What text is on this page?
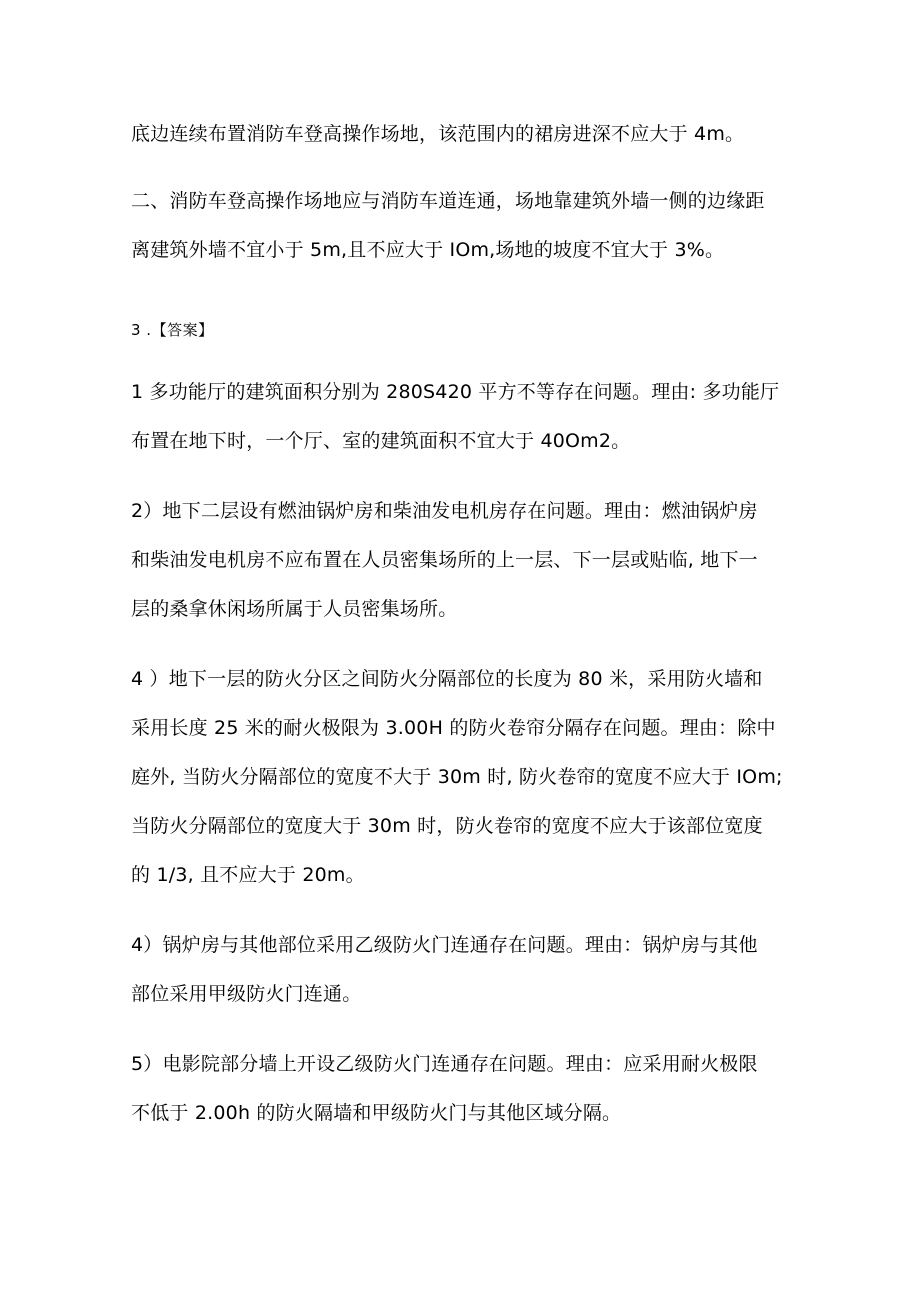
底边连续布置消防车登高操作场地，该范围内的裙房进深不应大于 4m。
二、消防车登高操作场地应与消防车道连通，场地靠建筑外墙一侧的边缘距
离建筑外墙不宜小于 5m,且不应大于 IOm,场地的坡度不宜大于 3%。
3 .【答案】
1 多功能厅的建筑面积分别为 280S420 平方不等存在问题。理由: 多功能厅
布置在地下时，一个厅、室的建筑面积不宜大于 40Om2。
2）地下二层设有燃油锅炉房和柴油发电机房存在问题。理由：燃油锅炉房
和柴油发电机房不应布置在人员密集场所的上一层、下一层或贴临, 地下一
层的桑拿休闲场所属于人员密集场所。
4 ）地下一层的防火分区之间防火分隔部位的长度为 80 米，采用防火墙和
采用长度 25 米的耐火极限为 3.00H 的防火卷帘分隔存在问题。理由：除中
庭外, 当防火分隔部位的宽度不大于 30m 时, 防火卷帘的宽度不应大于 IOm;
当防火分隔部位的宽度大于 30m 时，防火卷帘的宽度不应大于该部位宽度
的 1/3, 且不应大于 20m。
4）锅炉房与其他部位采用乙级防火门连通存在问题。理由：锅炉房与其他
部位采用甲级防火门连通。
5）电影院部分墙上开设乙级防火门连通存在问题。理由：应采用耐火极限
不低于 2.00h 的防火隔墙和甲级防火门与其他区域分隔。
